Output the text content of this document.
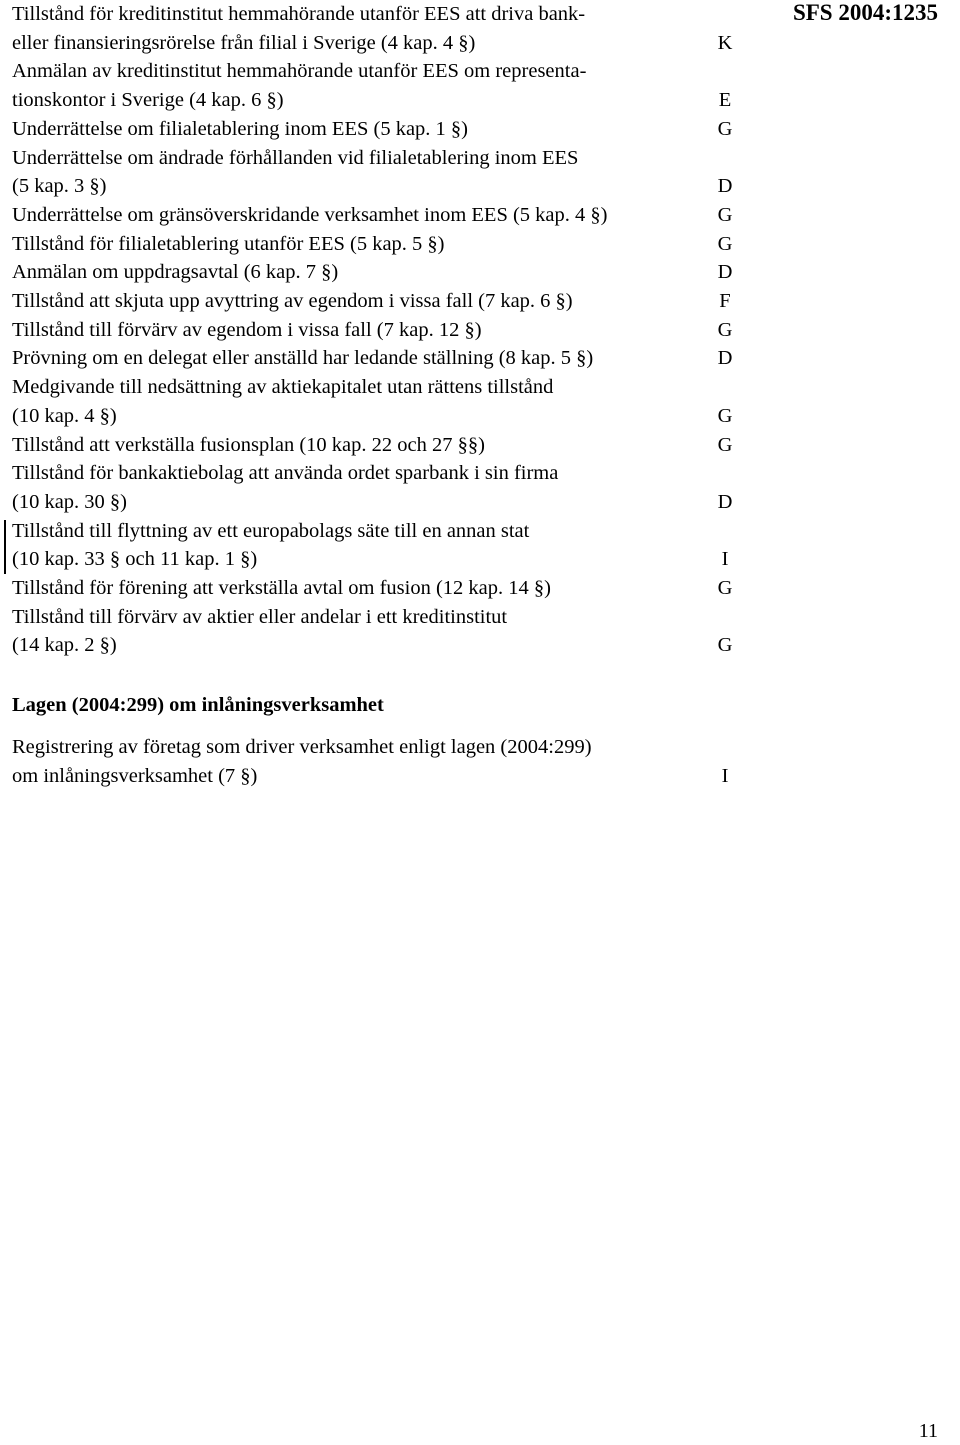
SFS 2004:1235
Tillstånd för kreditinstitut hemmahörande utanför EES att driva bank-
eller finansieringsrörelse från filial i Sverige (4 kap. 4 §)	K
Anmälan av kreditinstitut hemmahörande utanför EES om representa-
tionskontor i Sverige (4 kap. 6 §)	E
Underrättelse om filialetablering inom EES (5 kap. 1 §)	G
Underrättelse om ändrade förhållanden vid filialetablering inom EES
(5 kap. 3 §)	D
Underrättelse om gränsöverskridande verksamhet inom EES (5 kap. 4 §)	G
Tillstånd för filialetablering utanför EES (5 kap. 5 §)	G
Anmälan om uppdragsavtal (6 kap. 7 §)	D
Tillstånd att skjuta upp avyttring av egendom i vissa fall (7 kap. 6 §)	F
Tillstånd till förvärv av egendom i vissa fall (7 kap. 12 §)	G
Prövning om en delegat eller anställd har ledande ställning (8 kap. 5 §)	D
Medgivande till nedsättning av aktiekapitalet utan rättens tillstånd
(10 kap. 4 §)	G
Tillstånd att verkställa fusionsplan (10 kap. 22 och 27 §§)	G
Tillstånd för bankaktiebolag att använda ordet sparbank i sin firma
(10 kap. 30 §)	D
Tillstånd till flyttning av ett europabolags säte till en annan stat
(10 kap. 33 § och 11 kap. 1 §)	I
Tillstånd för förening att verkställa avtal om fusion (12 kap. 14 §)	G
Tillstånd till förvärv av aktier eller andelar i ett kreditinstitut
(14 kap. 2 §)	G
Lagen (2004:299) om inlåningsverksamhet
Registrering av företag som driver verksamhet enligt lagen (2004:299)
om inlåningsverksamhet (7 §)	I
11
